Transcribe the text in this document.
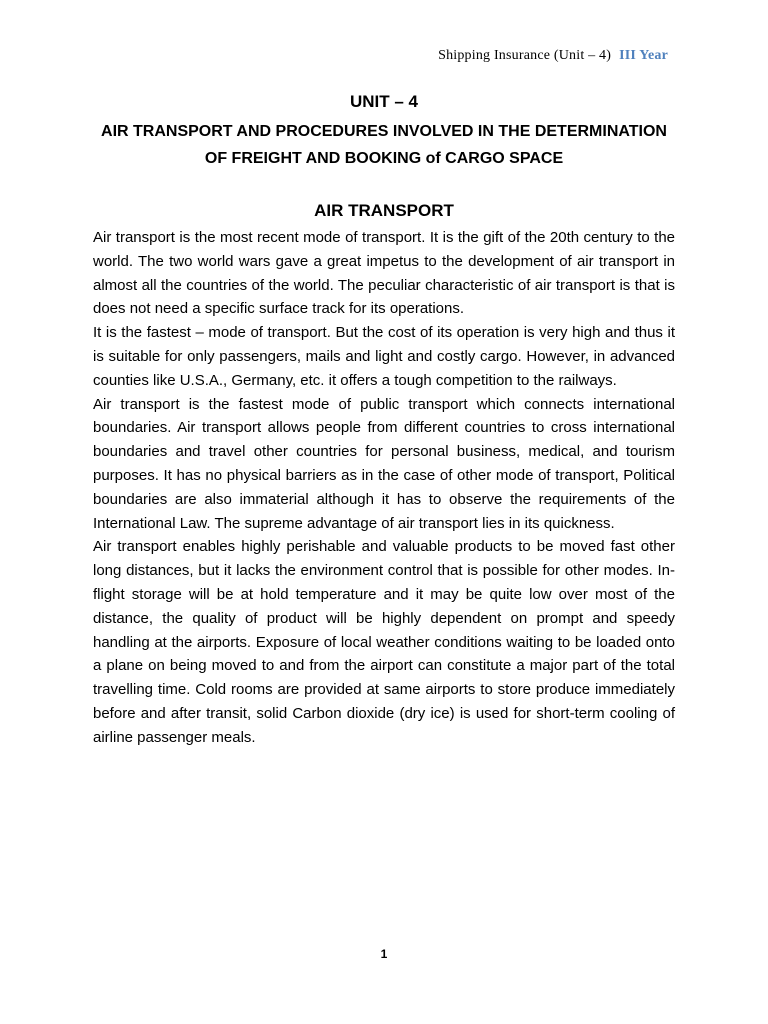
Shipping Insurance (Unit – 4) III Year
UNIT – 4
AIR TRANSPORT AND PROCEDURES INVOLVED IN THE DETERMINATION OF FREIGHT AND BOOKING of CARGO SPACE
AIR TRANSPORT

Air transport is the most recent mode of transport. It is the gift of the 20th century to the world. The two world wars gave a great impetus to the development of air transport in almost all the countries of the world. The peculiar characteristic of air transport is that is does not need a specific surface track for its operations.

It is the fastest – mode of transport. But the cost of its operation is very high and thus it is suitable for only passengers, mails and light and costly cargo. However, in advanced counties like U.S.A., Germany, etc. it offers a tough competition to the railways.

Air transport is the fastest mode of public transport which connects international boundaries. Air transport allows people from different countries to cross international boundaries and travel other countries for personal business, medical, and tourism purposes. It has no physical barriers as in the case of other mode of transport, Political boundaries are also immaterial although it has to observe the requirements of the International Law. The supreme advantage of air transport lies in its quickness.

Air transport enables highly perishable and valuable products to be moved fast other long distances, but it lacks the environment control that is possible for other modes. In-flight storage will be at hold temperature and it may be quite low over most of the distance, the quality of product will be highly dependent on prompt and speedy handling at the airports. Exposure of local weather conditions waiting to be loaded onto a plane on being moved to and from the airport can constitute a major part of the total travelling time. Cold rooms are provided at same airports to store produce immediately before and after transit, solid Carbon dioxide (dry ice) is used for short-term cooling of airline passenger meals.

1
